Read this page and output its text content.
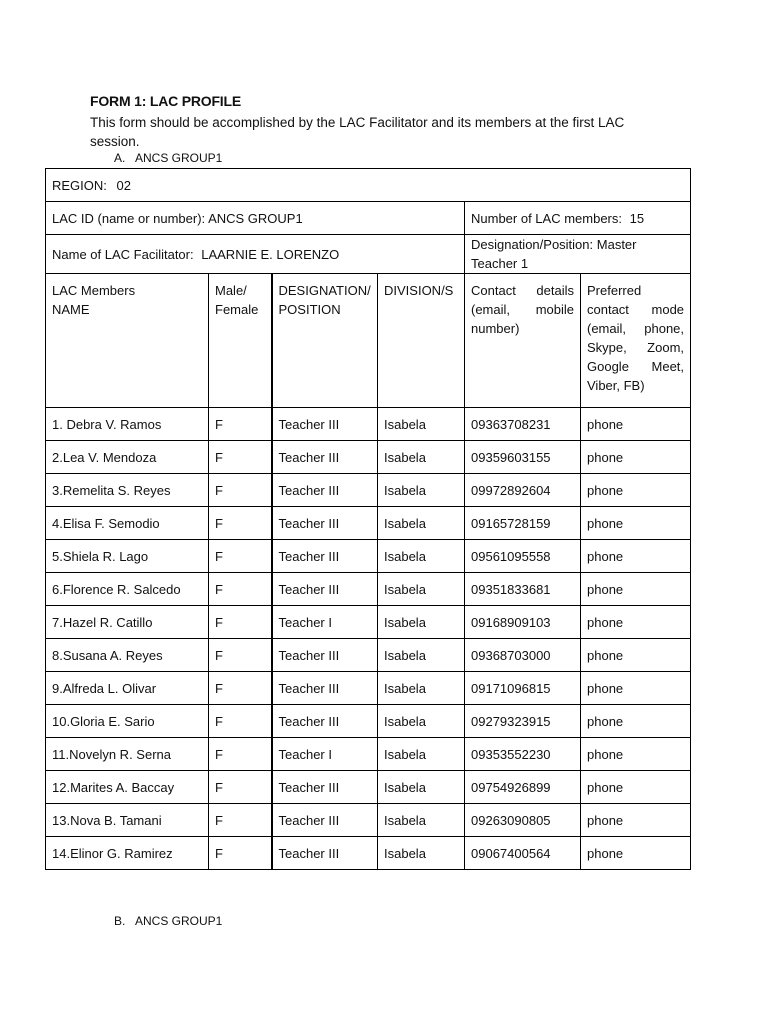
FORM 1: LAC PROFILE
This form should be accomplished by the LAC Facilitator and its members at the first LAC session.
A. ANCS GROUP1
REGION: 02					
LAC ID (name or number): ANCS GROUP1				Number of LAC members: 15	
Name of LAC Facilitator: LAARNIE E. LORENZO				Designation/Position: Master Teacher 1	

LAC Members
NAME	Male/ Female	DESIGNATION/ POSITION	DIVISION/S	Contact details (email, mobile number)	Preferred contact mode (email, phone, Skype, Zoom, Google Meet, Viber, FB)
1. Debra V. Ramos	F	Teacher III	Isabela	09363708231	phone
2.Lea V. Mendoza	F	Teacher III	Isabela	09359603155	phone
3.Remelita S. Reyes	F	Teacher III	Isabela	09972892604	phone
4.Elisa F. Semodio	F	Teacher III	Isabela	09165728159	phone
5.Shiela R. Lago	F	Teacher III	Isabela	09561095558	phone
6.Florence R. Salcedo	F	Teacher III	Isabela	09351833681	phone
7.Hazel R. Catillo	F	Teacher I	Isabela	09168909103	phone
8.Susana A. Reyes	F	Teacher III	Isabela	09368703000	phone
9.Alfreda L. Olivar	F	Teacher III	Isabela	09171096815	phone
10.Gloria E. Sario	F	Teacher III	Isabela	09279323915	phone
11.Novelyn R. Serna	F	Teacher I	Isabela	09353552230	phone
12.Marites A. Baccay	F	Teacher III	Isabela	09754926899	phone
13.Nova B. Tamani	F	Teacher III	Isabela	09263090805	phone
14.Elinor G. Ramirez	F	Teacher III	Isabela	09067400564	phone
B. ANCS GROUP1
